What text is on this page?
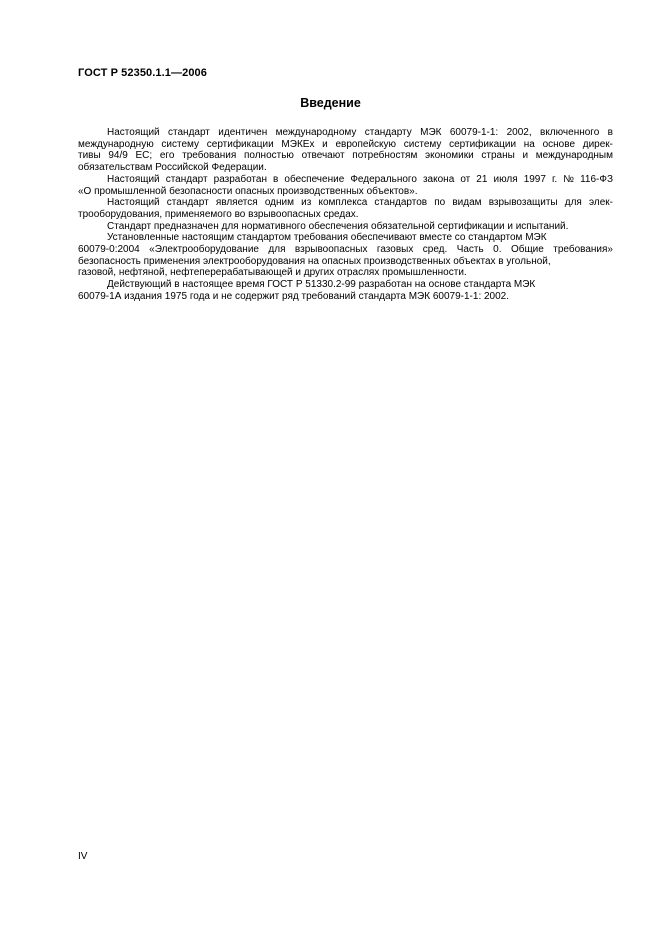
ГОСТ Р 52350.1.1—2006
Введение
Настоящий стандарт идентичен международному стандарту МЭК 60079-1-1: 2002, включенного в
международную систему сертификации МЭКЕх и европейскую систему сертификации на основе дирек-
тивы 94/9 ЕС; его требования полностью отвечают потребностям экономики страны и международным
обязательствам Российской Федерации.
Настоящий стандарт разработан в обеспечение Федерального закона от 21 июля 1997 г. № 116-ФЗ
«О промышленной безопасности опасных производственных объектов».
Настоящий стандарт является одним из комплекса стандартов по видам взрывозащиты для элек-
трооборудования, применяемого во взрывоопасных средах.
Стандарт предназначен для нормативного обеспечения обязательной сертификации и испытаний.
Установленные настоящим стандартом требования обеспечивают вместе со стандартом МЭК
60079-0:2004 «Электрооборудование для взрывоопасных газовых сред. Часть 0. Общие требования»
безопасность применения электрооборудования на опасных производственных объектах в угольной,
газовой, нефтяной, нефтеперерабатывающей и других отраслях промышленности.
Действующий в настоящее время ГОСТ Р 51330.2-99 разработан на основе стандарта МЭК
60079-1А издания 1975 года и не содержит ряд требований стандарта МЭК 60079-1-1: 2002.
IV
